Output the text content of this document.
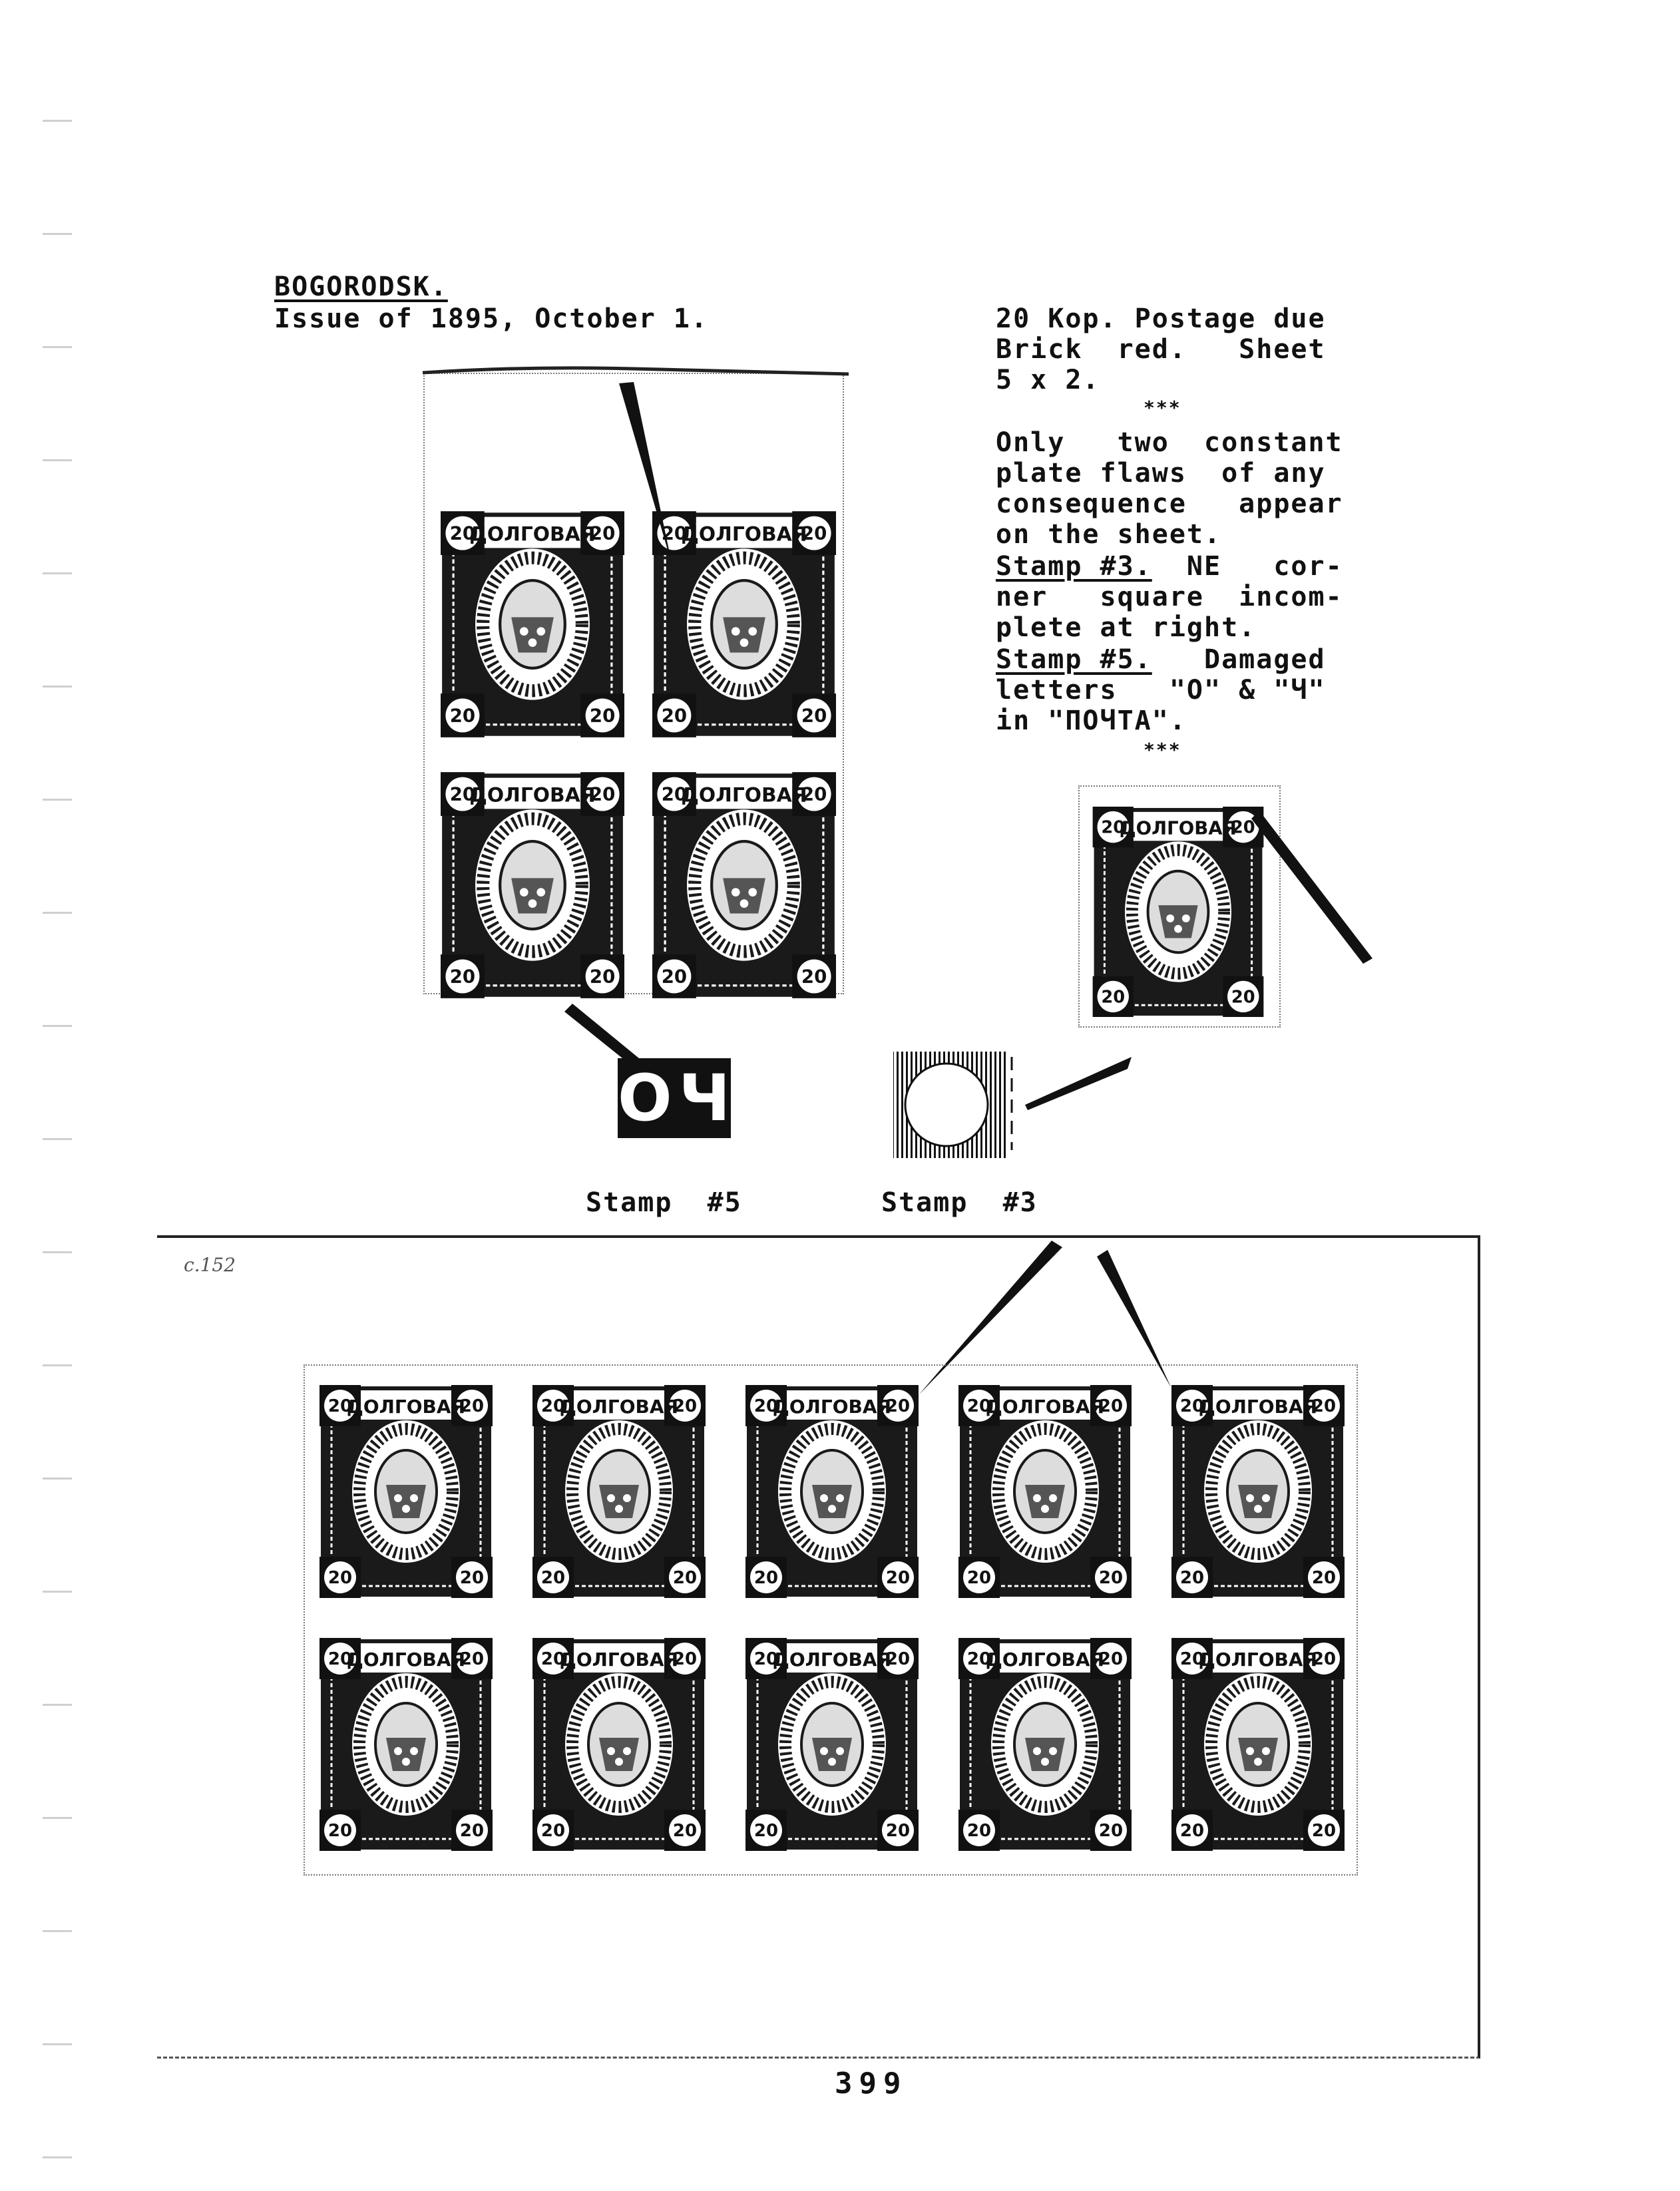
BOGORODSK.
Issue of 1895, October 1.	20 Kop. Postage due
Brick  red.   Sheet
5 x 2.
***
Only   two  constant
plate flaws  of any
consequence   appear
on the sheet.
Stamp #3.  NE   cor-
ner   square  incom-
plete at right.
Stamp #5.   Damaged
letters   "О" & "Ч"
in "ПОЧТА".
***
20	20
20	20
ДОЛГОВАЯ	20	20
20	20
ДОЛГОВАЯ
20	20
20	20
ДОЛГОВАЯ	20	20
20	20
ДОЛГОВАЯ
20	20
20	20
ДОЛГОВАЯ
ОЧ
Stamp  #5	Stamp  #3
с.152
20	20
20	20
ДОЛГОВАЯ	20	20
20	20
ДОЛГОВАЯ	20	20
20	20
ДОЛГОВАЯ	20	20
20	20
ДОЛГОВАЯ	20	20
20	20
ДОЛГОВАЯ
20	20
20	20
ДОЛГОВАЯ	20	20
20	20
ДОЛГОВАЯ	20	20
20	20
ДОЛГОВАЯ	20	20
20	20
ДОЛГОВАЯ	20	20
20	20
ДОЛГОВАЯ
399
